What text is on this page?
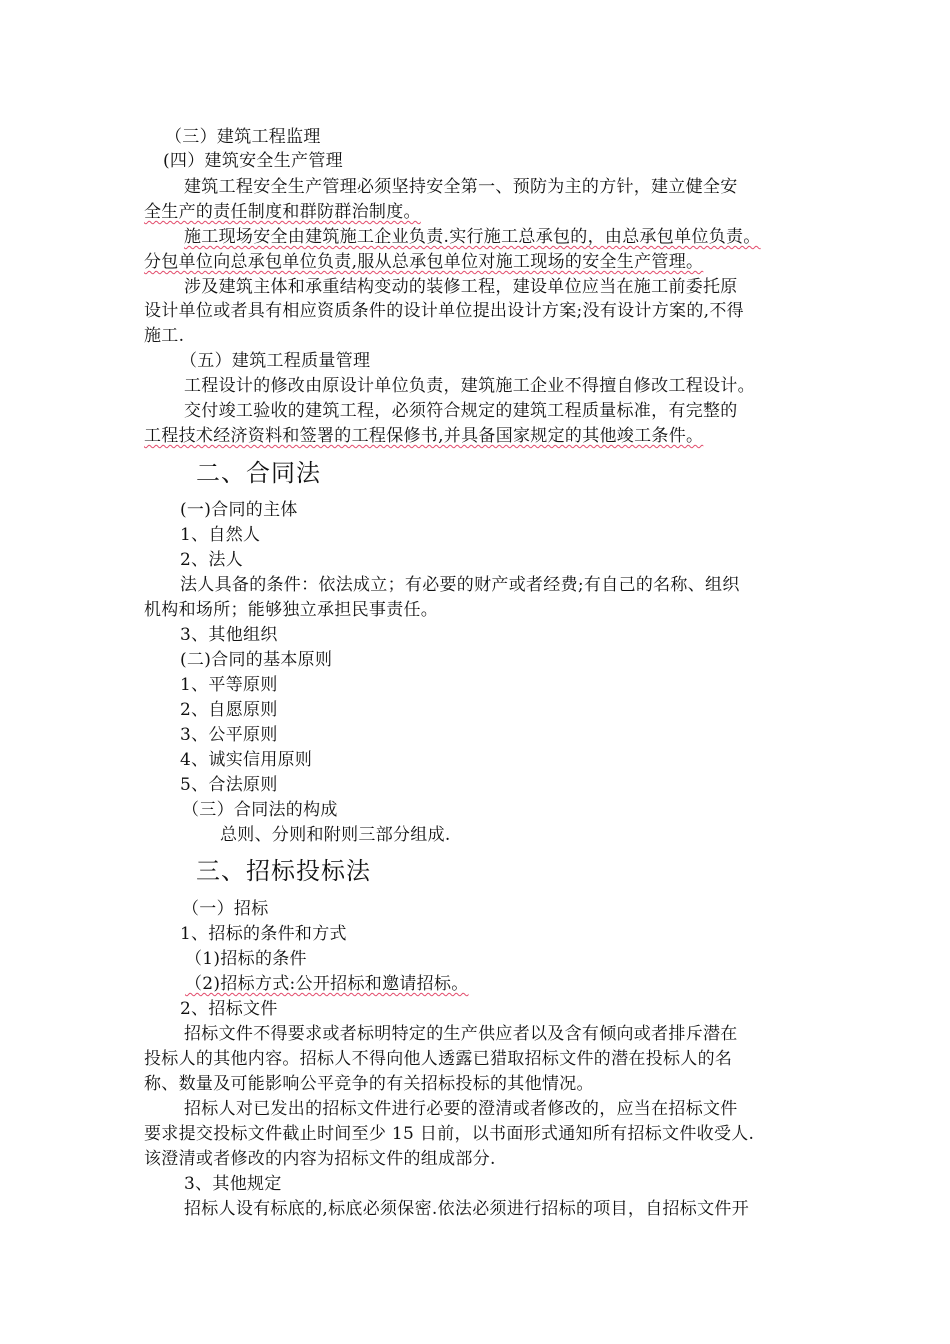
（三）建筑工程监理
(四）建筑安全生产管理
建筑工程安全生产管理必须坚持安全第一、预防为主的方针，建立健全安
全生产的责任制度和群防群治制度。
施工现场安全由建筑施工企业负责.实行施工总承包的，由总承包单位负责。
分包单位向总承包单位负责,服从总承包单位对施工现场的安全生产管理。
涉及建筑主体和承重结构变动的装修工程，建设单位应当在施工前委托原
设计单位或者具有相应资质条件的设计单位提出设计方案;没有设计方案的,不得
施工.
（五）建筑工程质量管理
工程设计的修改由原设计单位负责，建筑施工企业不得擅自修改工程设计。
交付竣工验收的建筑工程，必须符合规定的建筑工程质量标准，有完整的
工程技术经济资料和签署的工程保修书,并具备国家规定的其他竣工条件。
二、合同法
(一)合同的主体
1、自然人
2、法人
法人具备的条件：依法成立；有必要的财产或者经费;有自己的名称、组织
机构和场所；能够独立承担民事责任。
3、其他组织
(二)合同的基本原则
1、平等原则
2、自愿原则
3、公平原则
4、诚实信用原则
5、合法原则
（三）合同法的构成
总则、分则和附则三部分组成.
三、招标投标法
（一）招标
1、招标的条件和方式
（1)招标的条件
（2)招标方式:公开招标和邀请招标。
2、招标文件
招标文件不得要求或者标明特定的生产供应者以及含有倾向或者排斥潜在
投标人的其他内容。招标人不得向他人透露已猎取招标文件的潜在投标人的名
称、数量及可能影响公平竞争的有关招标投标的其他情况。
招标人对已发出的招标文件进行必要的澄清或者修改的，应当在招标文件
要求提交投标文件截止时间至少 15 日前，以书面形式通知所有招标文件收受人.
该澄清或者修改的内容为招标文件的组成部分.
3、其他规定
招标人设有标底的,标底必须保密.依法必须进行招标的项目，自招标文件开
